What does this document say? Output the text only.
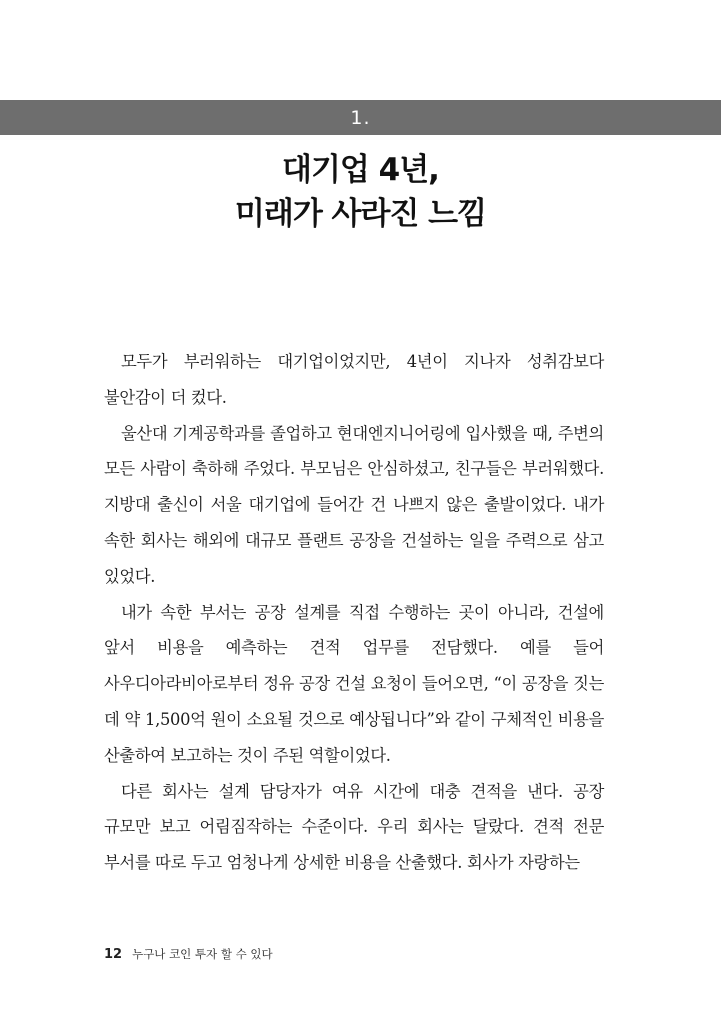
1.
대기업 4년,
미래가 사라진 느낌

모두가 부러워하는 대기업이었지만, 4년이 지나자 성취감보다 불안감이 더 컸다.

울산대 기계공학과를 졸업하고 현대엔지니어링에 입사했을 때, 주변의 모든 사람이 축하해 주었다. 부모님은 안심하셨고, 친구들은 부러워했다. 지방대 출신이 서울 대기업에 들어간 건 나쁘지 않은 출발이었다. 내가 속한 회사는 해외에 대규모 플랜트 공장을 건설하는 일을 주력으로 삼고 있었다.

내가 속한 부서는 공장 설계를 직접 수행하는 곳이 아니라, 건설에 앞서 비용을 예측하는 견적 업무를 전담했다. 예를 들어 사우디아라비아로부터 정유 공장 건설 요청이 들어오면, “이 공장을 짓는 데 약 1,500억 원이 소요될 것으로 예상됩니다”와 같이 구체적인 비용을 산출하여 보고하는 것이 주된 역할이었다.

다른 회사는 설계 담당자가 여유 시간에 대충 견적을 낸다. 공장 규모만 보고 어림짐작하는 수준이다. 우리 회사는 달랐다. 견적 전문 부서를 따로 두고 엄청나게 상세한 비용을 산출했다. 회사가 자랑하는

12 누구나 코인 투자 할 수 있다
